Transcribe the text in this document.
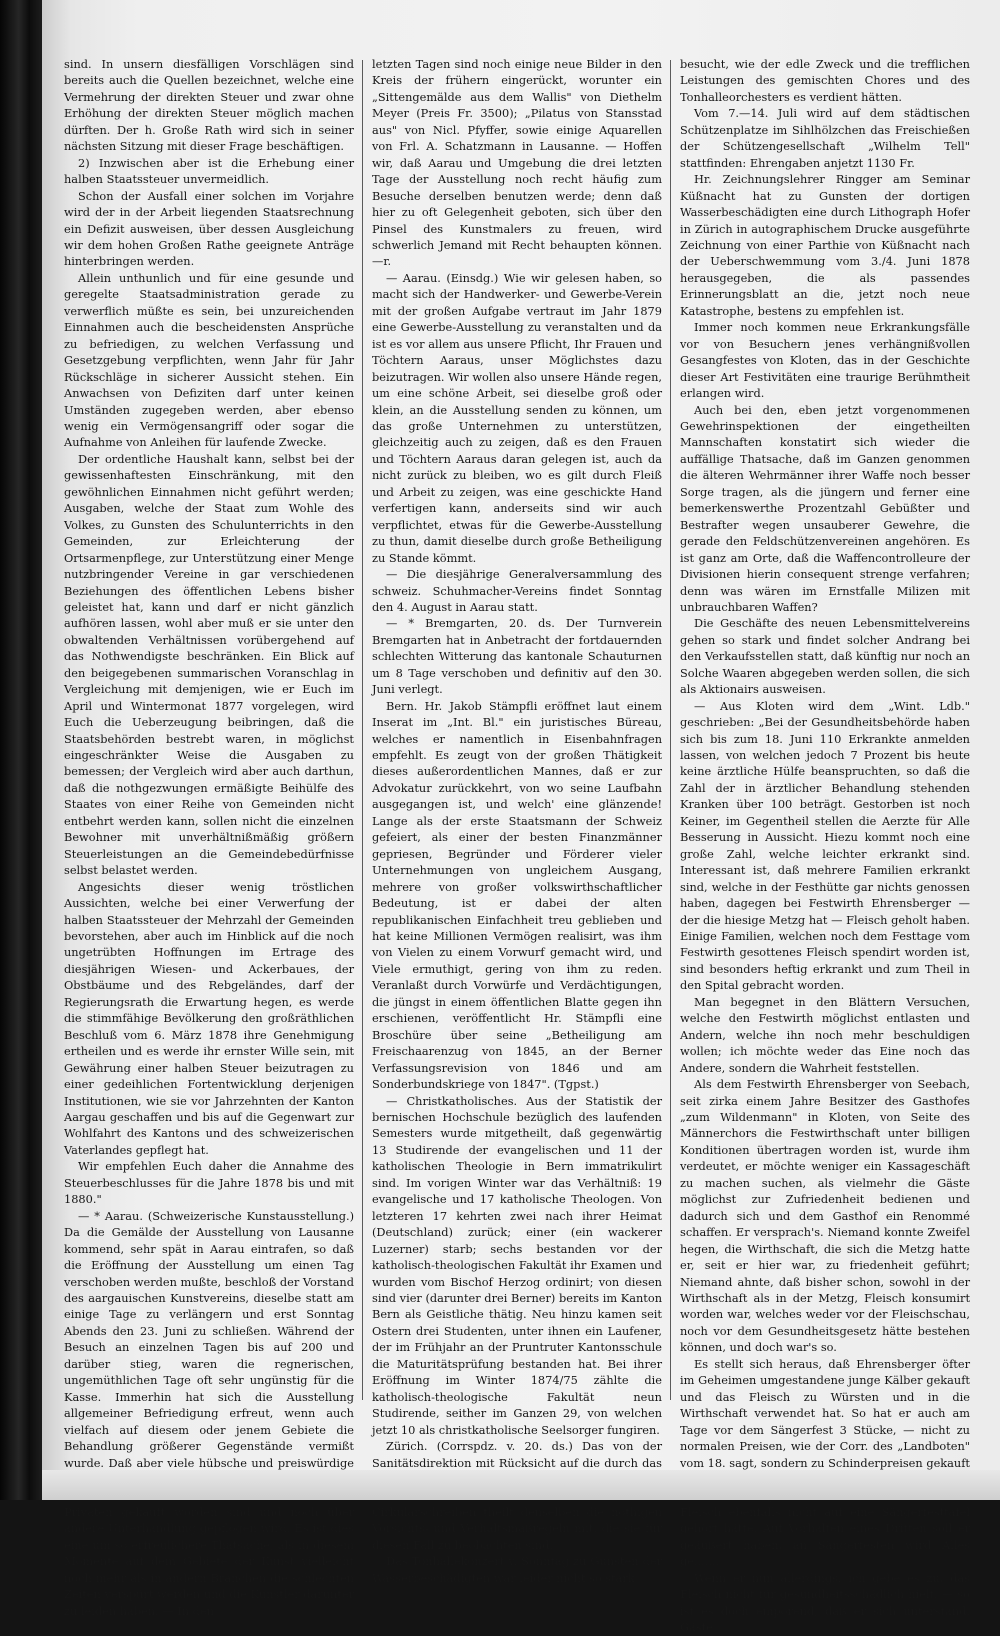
sind. In unsern diesfälligen Vorschlägen sind bereits auch die Quellen bezeichnet, welche eine Vermehrung der direkten Steuer und zwar ohne Erhöhung der direkten Steuer möglich machen dürften. Der h. Große Rath wird sich in seiner nächsten Sitzung mit dieser Frage beschäftigen.

2) Inzwischen aber ist die Erhebung einer halben Staatssteuer unvermeidlich.

Schon der Ausfall einer solchen im Vorjahre wird der in der Arbeit liegenden Staatsrechnung ein Defizit ausweisen, über dessen Ausgleichung wir dem hohen Großen Rathe geeignete Anträge hinterbringen werden.

Allein unthunlich und für eine gesunde und geregelte Staatsadministration gerade zu verwerflich müßte es sein, bei unzureichenden Einnahmen auch die bescheidensten Ansprüche zu befriedigen, zu welchen Verfassung und Gesetzgebung verpflichten, wenn Jahr für Jahr Rückschläge in sicherer Aussicht stehen. Ein Anwachsen von Defiziten darf unter keinen Umständen zugegeben werden, aber ebenso wenig ein Vermögensangriff oder sogar die Aufnahme von Anleihen für laufende Zwecke.

Der ordentliche Haushalt kann, selbst bei der gewissenhaftesten Einschränkung, mit den gewöhnlichen Einnahmen nicht geführt werden; Ausgaben, welche der Staat zum Wohle des Volkes, zu Gunsten des Schulunterrichts in den Gemeinden, zur Erleichterung der Ortsarmenpflege, zur Unterstützung einer Menge nutzbringender Vereine in gar verschiedenen Beziehungen des öffentlichen Lebens bisher geleistet hat, kann und darf er nicht gänzlich aufhören lassen, wohl aber muß er sie unter den obwaltenden Verhältnissen vorübergehend auf das Nothwendigste beschränken. Ein Blick auf den beigegebenen summarischen Voranschlag in Vergleichung mit demjenigen, wie er Euch im April und Wintermonat 1877 vorgelegen, wird Euch die Ueberzeugung beibringen, daß die Staatsbehörden bestrebt waren, in möglichst eingeschränkter Weise die Ausgaben zu bemessen; der Vergleich wird aber auch darthun, daß die nothgezwungen ermäßigte Beihülfe des Staates von einer Reihe von Gemeinden nicht entbehrt werden kann, sollen nicht die einzelnen Bewohner mit unverhältnißmäßig größern Steuerleistungen an die Gemeindebedürfnisse selbst belastet werden.

Angesichts dieser wenig tröstlichen Aussichten, welche bei einer Verwerfung der halben Staatssteuer der Mehrzahl der Gemeinden bevorstehen, aber auch im Hinblick auf die noch ungetrübten Hoffnungen im Ertrage des diesjährigen Wiesen- und Ackerbaues, der Obstbäume und des Rebgeländes, darf der Regierungsrath die Erwartung hegen, es werde die stimmfähige Bevölkerung den großräthlichen Beschluß vom 6. März 1878 ihre Genehmigung ertheilen und es werde ihr ernster Wille sein, mit Gewährung einer halben Steuer beizutragen zu einer gedeihlichen Fortentwicklung derjenigen Institutionen, wie sie vor Jahrzehnten der Kanton Aargau geschaffen und bis auf die Gegenwart zur Wohlfahrt des Kantons und des schweizerischen Vaterlandes gepflegt hat.

Wir empfehlen Euch daher die Annahme des Steuerbeschlusses für die Jahre 1878 bis und mit 1880."

— * Aarau. (Schweizerische Kunstausstellung.) Da die Gemälde der Ausstellung von Lausanne kommend, sehr spät in Aarau eintrafen, so daß die Eröffnung der Ausstellung um einen Tag verschoben werden mußte, beschloß der Vorstand des aargauischen Kunstvereins, dieselbe statt am einige Tage zu verlängern und erst Sonntag Abends den 23. Juni zu schließen. Während der Besuch an einzelnen Tagen bis auf 200 und darüber stieg, waren die regnerischen, ungemüthlichen Tage oft sehr ungünstig für die Kasse. Immerhin hat sich die Ausstellung allgemeiner Befriedigung erfreut, wenn auch vielfach auf diesem oder jenem Gebiete die Behandlung größerer Gegenstände vermißt wurde. Daß aber viele hübsche und preiswürdige Privaten gekauft worden sind und noch über andere Unterhandlung gepflogen wird. Es ist dies eine um so erfreulichere Thatsache, als in diesem Momente auf dem Gebiete der Kunst vielleicht noch mehr als in andern Branchen die schlechten Zeiten verspürt werden und die Künstler darunter zu leiden haben. — In den

letzten Tagen sind noch einige neue Bilder in den Kreis der frühern eingerückt, worunter ein „Sittengemälde aus dem Wallis" von Diethelm Meyer (Preis Fr. 3500); „Pilatus von Stansstad aus" von Nicl. Pfyffer, sowie einige Aquarellen von Frl. A. Schatzmann in Lausanne. — Hoffen wir, daß Aarau und Umgebung die drei letzten Tage der Ausstellung noch recht häufig zum Besuche derselben benutzen werde; denn daß hier zu oft Gelegenheit geboten, sich über den Pinsel des Kunstmalers zu freuen, wird schwerlich Jemand mit Recht behaupten können. —r.

— Aarau. (Einsdg.) Wie wir gelesen haben, so macht sich der Handwerker- und Gewerbe-Verein mit der großen Aufgabe vertraut im Jahr 1879 eine Gewerbe-Ausstellung zu veranstalten und da ist es vor allem aus unsere Pflicht, Ihr Frauen und Töchtern Aaraus, unser Möglichstes dazu beizutragen. Wir wollen also unsere Hände regen, um eine schöne Arbeit, sei dieselbe groß oder klein, an die Ausstellung senden zu können, um das große Unternehmen zu unterstützen, gleichzeitig auch zu zeigen, daß es den Frauen und Töchtern Aaraus daran gelegen ist, auch da nicht zurück zu bleiben, wo es gilt durch Fleiß und Arbeit zu zeigen, was eine geschickte Hand verfertigen kann, anderseits sind wir auch verpflichtet, etwas für die Gewerbe-Ausstellung zu thun, damit dieselbe durch große Betheiligung zu Stande kömmt.

— Die diesjährige Generalversammlung des schweiz. Schuhmacher-Vereins findet Sonntag den 4. August in Aarau statt.

— * Bremgarten, 20. ds. Der Turnverein Bremgarten hat in Anbetracht der fortdauernden schlechten Witterung das kantonale Schauturnen um 8 Tage verschoben und definitiv auf den 30. Juni verlegt.

Bern. Hr. Jakob Stämpfli eröffnet laut einem Inserat im „Int. Bl." ein juristisches Büreau, welches er namentlich in Eisenbahnfragen empfehlt. Es zeugt von der großen Thätigkeit dieses außerordentlichen Mannes, daß er zur Advokatur zurückkehrt, von wo seine Laufbahn ausgegangen ist, und welch' eine glänzende! Lange als der erste Staatsmann der Schweiz gefeiert, als einer der besten Finanzmänner gepriesen, Begründer und Förderer vieler Unternehmungen von ungleichem Ausgang, mehrere von großer volkswirthschaftlicher Bedeutung, ist er dabei der alten republikanischen Einfachheit treu geblieben und hat keine Millionen Vermögen realisirt, was ihm von Vielen zu einem Vorwurf gemacht wird, und Viele ermuthigt, gering von ihm zu reden. Veranlaßt durch Vorwürfe und Verdächtigungen, die jüngst in einem öffentlichen Blatte gegen ihn erschienen, veröffentlicht Hr. Stämpfli eine Broschüre über seine „Betheiligung am Freischaarenzug von 1845, an der Berner Verfassungsrevision von 1846 und am Sonderbundskriege von 1847". (Tgpst.)

— Christkatholisches. Aus der Statistik der bernischen Hochschule bezüglich des laufenden Semesters wurde mitgetheilt, daß gegenwärtig 13 Studirende der evangelischen und 11 der katholischen Theologie in Bern immatrikulirt sind. Im vorigen Winter war das Verhältniß: 19 evangelische und 17 katholische Theologen. Von letzteren 17 kehrten zwei nach ihrer Heimat (Deutschland) zurück; einer (ein wackerer Luzerner) starb; sechs bestanden vor der katholisch-theologischen Fakultät ihr Examen und wurden vom Bischof Herzog ordinirt; von diesen sind vier (darunter drei Berner) bereits im Kanton Bern als Geistliche thätig. Neu hinzu kamen seit Ostern drei Studenten, unter ihnen ein Laufener, der im Frühjahr an der Pruntruter Kantonsschule die Maturitätsprüfung bestanden hat. Bei ihrer Eröffnung im Winter 1874/75 zählte die katholisch-theologische Fakultät neun Studirende, seither im Ganzen 29, von welchen jetzt 10 als christkatholische Seelsorger fungiren.

Zürich. (Corrspdz. v. 20. ds.) Das von der Sanitätsdirektion mit Rücksicht auf die durch das Cirkularschreiben theilt denselben die nöthigen Vorsichts- und Verhaltsmaßregeln mit, die sie für diesen Fall zu beobachten sind.

Das Tonhallekonzert v. Sonntag zu Gunsten der Wasserbeschädigten war leider nicht so stark

besucht, wie der edle Zweck und die trefflichen Leistungen des gemischten Chores und des Tonhalleorchesters es verdient hätten.

Vom 7.—14. Juli wird auf dem städtischen Schützenplatze im Sihlhölzchen das Freischießen der Schützengesellschaft „Wilhelm Tell" stattfinden: Ehrengaben anjetzt 1130 Fr.

Hr. Zeichnungslehrer Ringger am Seminar Küßnacht hat zu Gunsten der dortigen Wasserbeschädigten eine durch Lithograph Hofer in Zürich in autographischem Drucke ausgeführte Zeichnung von einer Parthie von Küßnacht nach der Ueberschwemmung vom 3./4. Juni 1878 herausgegeben, die als passendes Erinnerungsblatt an die, jetzt noch neue Katastrophe, bestens zu empfehlen ist.

Immer noch kommen neue Erkrankungsfälle vor von Besuchern jenes verhängnißvollen Gesangfestes von Kloten, das in der Geschichte dieser Art Festivitäten eine traurige Berühmtheit erlangen wird.

Auch bei den, eben jetzt vorgenommenen Gewehrinspektionen der eingetheilten Mannschaften konstatirt sich wieder die auffällige Thatsache, daß im Ganzen genommen die älteren Wehrmänner ihrer Waffe noch besser Sorge tragen, als die jüngern und ferner eine bemerkenswerthe Prozentzahl Gebüßter und Bestrafter wegen unsauberer Gewehre, die gerade den Feldschützenvereinen angehören. Es ist ganz am Orte, daß die Waffencontrolleure der Divisionen hierin consequent strenge verfahren; denn was wären im Ernstfalle Milizen mit unbrauchbaren Waffen?

Die Geschäfte des neuen Lebensmittelvereins gehen so stark und findet solcher Andrang bei den Verkaufsstellen statt, daß künftig nur noch an Solche Waaren abgegeben werden sollen, die sich als Aktionairs ausweisen.

— Aus Kloten wird dem „Wint. Ldb." geschrieben: „Bei der Gesundheitsbehörde haben sich bis zum 18. Juni 110 Erkrankte anmelden lassen, von welchen jedoch 7 Prozent bis heute keine ärztliche Hülfe beanspruchten, so daß die Zahl der in ärztlicher Behandlung stehenden Kranken über 100 beträgt. Gestorben ist noch Keiner, im Gegentheil stellen die Aerzte für Alle Besserung in Aussicht. Hiezu kommt noch eine große Zahl, welche leichter erkrankt sind. Interessant ist, daß mehrere Familien erkrankt sind, welche in der Festhütte gar nichts genossen haben, dagegen bei Festwirth Ehrensberger — der die hiesige Metzg hat — Fleisch geholt haben. Einige Familien, welchen noch dem Festtage vom Festwirth gesottenes Fleisch spendirt worden ist, sind besonders heftig erkrankt und zum Theil in den Spital gebracht worden.

Man begegnet in den Blättern Versuchen, welche den Festwirth möglichst entlasten und Andern, welche ihn noch mehr beschuldigen wollen; ich möchte weder das Eine noch das Andere, sondern die Wahrheit feststellen.

Als dem Festwirth Ehrensberger von Seebach, seit zirka einem Jahre Besitzer des Gasthofes „zum Wildenmann" in Kloten, von Seite des Männerchors die Festwirthschaft unter billigen Konditionen übertragen worden ist, wurde ihm verdeutet, er möchte weniger ein Kassageschäft zu machen suchen, als vielmehr die Gäste möglichst zur Zufriedenheit bedienen und dadurch sich und dem Gasthof ein Renommé schaffen. Er versprach's. Niemand konnte Zweifel hegen, die Wirthschaft, die sich die Metzg hatte er, seit er hier war, zu friedenheit geführt; Niemand ahnte, daß bisher schon, sowohl in der Wirthschaft als in der Metzg, Fleisch konsumirt worden war, welches weder vor der Fleischschau, noch vor dem Gesundheitsgesetz hätte bestehen können, und doch war's so.

Es stellt sich heraus, daß Ehrensberger öfter im Geheimen umgestandene junge Kälber gekauft und das Fleisch zu Würsten und in die Wirthschaft verwendet hat. So hat er auch am Tage vor dem Sängerfest 3 Stücke, — nicht zu normalen Preisen, wie der Corr. des „Landboten" vom 18. sagt, sondern zu Schinderpreisen gekauft Fleisch ebenfalls nicht auf eine Sängerfesttafel gehört hätte. Auf Vorhalten eines Dritten soll er geäußert haben, an Sängerfesten wird Alles ge.......

Wenn er nun allerdings, ich gebe es zu, das Fleisch nicht für gesundheitsschädlich hielt, — so ist es doch empörend, daß er sich unterstand, Gäste
